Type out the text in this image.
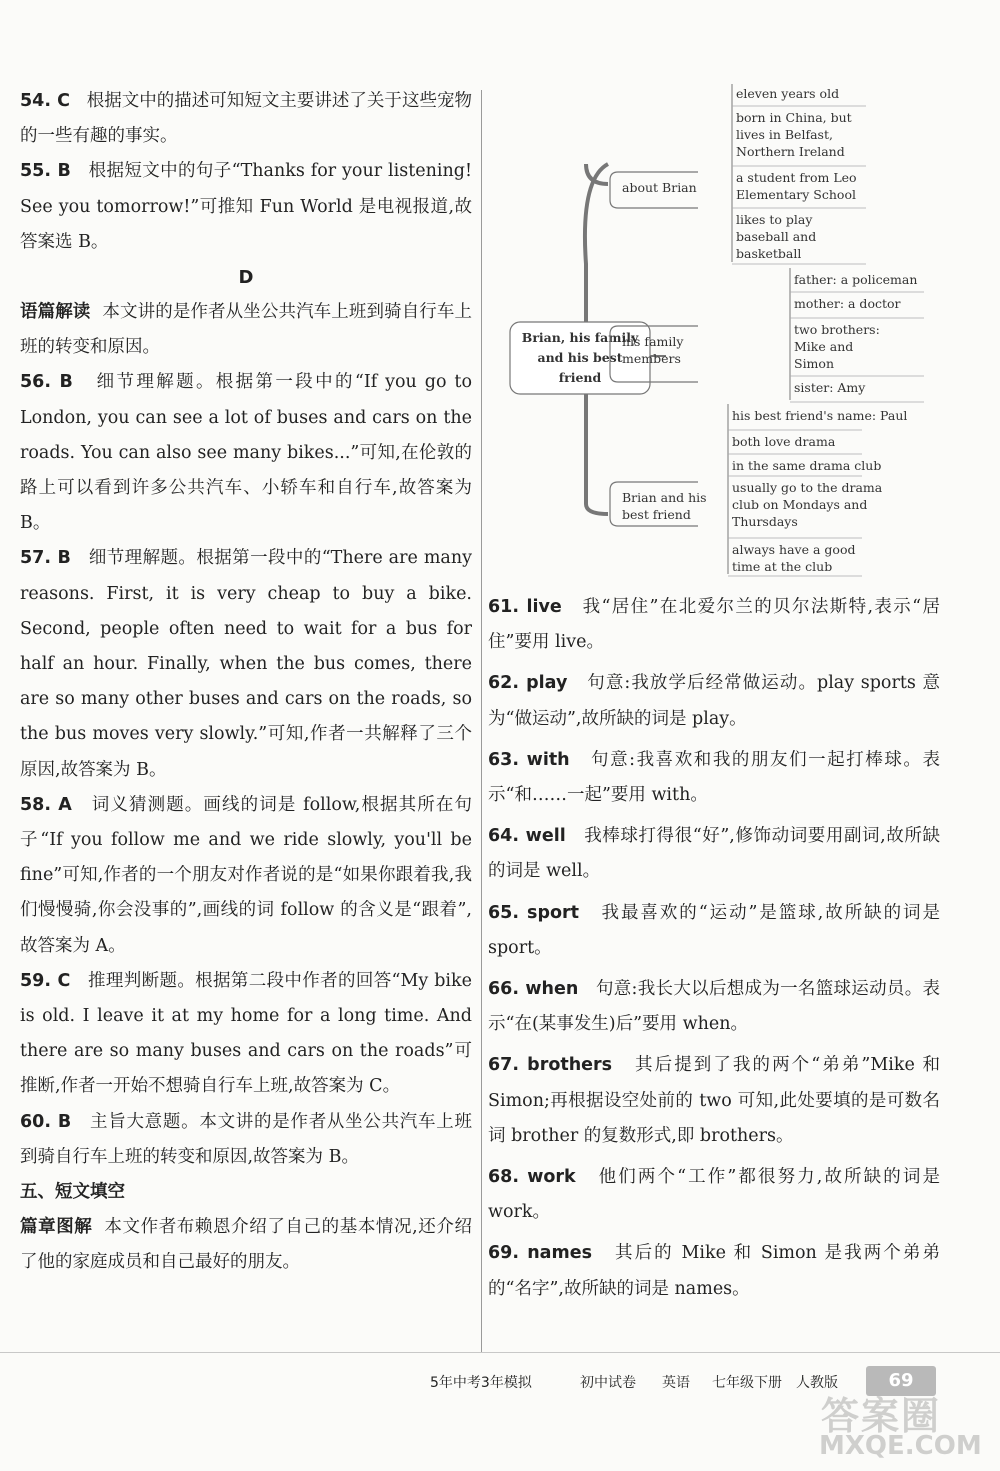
54. C 根据文中的描述可知短文主要讲述了关于这些宠物的一些有趣的事实。

55. B 根据短文中的句子“Thanks for your listening! See you tomorrow!”可推知 Fun World 是电视报道,故答案选 B。

D

语篇解读 本文讲的是作者从坐公共汽车上班到骑自行车上班的转变和原因。

56. B 细节理解题。根据第一段中的“If you go to London, you can see a lot of buses and cars on the roads. You can also see many bikes...”可知,在伦敦的路上可以看到许多公共汽车、小轿车和自行车,故答案为 B。

57. B 细节理解题。根据第一段中的“There are many reasons. First, it is very cheap to buy a bike. Second, people often need to wait for a bus for half an hour. Finally, when the bus comes, there are so many other buses and cars on the roads, so the bus moves very slowly.”可知,作者一共解释了三个原因,故答案为 B。

58. A 词义猜测题。画线的词是 follow,根据其所在句子“If you follow me and we ride slowly, you'll be fine”可知,作者的一个朋友对作者说的是“如果你跟着我,我们慢慢骑,你会没事的”,画线的词 follow 的含义是“跟着”,故答案为 A。

59. C 推理判断题。根据第二段中作者的回答“My bike is old. I leave it at my home for a long time. And there are so many buses and cars on the roads”可推断,作者一开始不想骑自行车上班,故答案为 C。

60. B 主旨大意题。本文讲的是作者从坐公共汽车上班到骑自行车上班的转变和原因,故答案为 B。

五、短文填空

篇章图解 本文作者布赖恩介绍了自己的基本情况,还介绍了他的家庭成员和自己最好的朋友。

Brian, his family and his best friend
about Brian
his family members
Brian and his best friend
eleven years old
born in China, but lives in Belfast, Northern Ireland
a student from Leo Elementary School
likes to play baseball and basketball
father: a policeman
mother: a doctor
two brothers: Mike and Simon
sister: Amy
his best friend's name: Paul
both love drama
in the same drama club
usually go to the drama club on Mondays and Thursdays
always have a good time at the club

61. live 我“居住”在北爱尔兰的贝尔法斯特,表示“居住”要用 live。

62. play 句意:我放学后经常做运动。play sports 意为“做运动”,故所缺的词是 play。

63. with 句意:我喜欢和我的朋友们一起打棒球。表示“和……一起”要用 with。

64. well 我棒球打得很“好”,修饰动词要用副词,故所缺的词是 well。

65. sport 我最喜欢的“运动”是篮球,故所缺的词是 sport。

66. when 句意:我长大以后想成为一名篮球运动员。表示“在(某事发生)后”要用 when。

67. brothers 其后提到了我的两个“弟弟”Mike 和 Simon;再根据设空处前的 two 可知,此处要填的是可数名词 brother 的复数形式,即 brothers。

68. work 他们两个“工作”都很努力,故所缺的词是 work。

69. names 其后的 Mike 和 Simon 是我两个弟弟的“名字”,故所缺的词是 names。

5年中考3年模拟	初中试卷 英语 七年级下册 人教版	69
答案圈
MXQE.COM
